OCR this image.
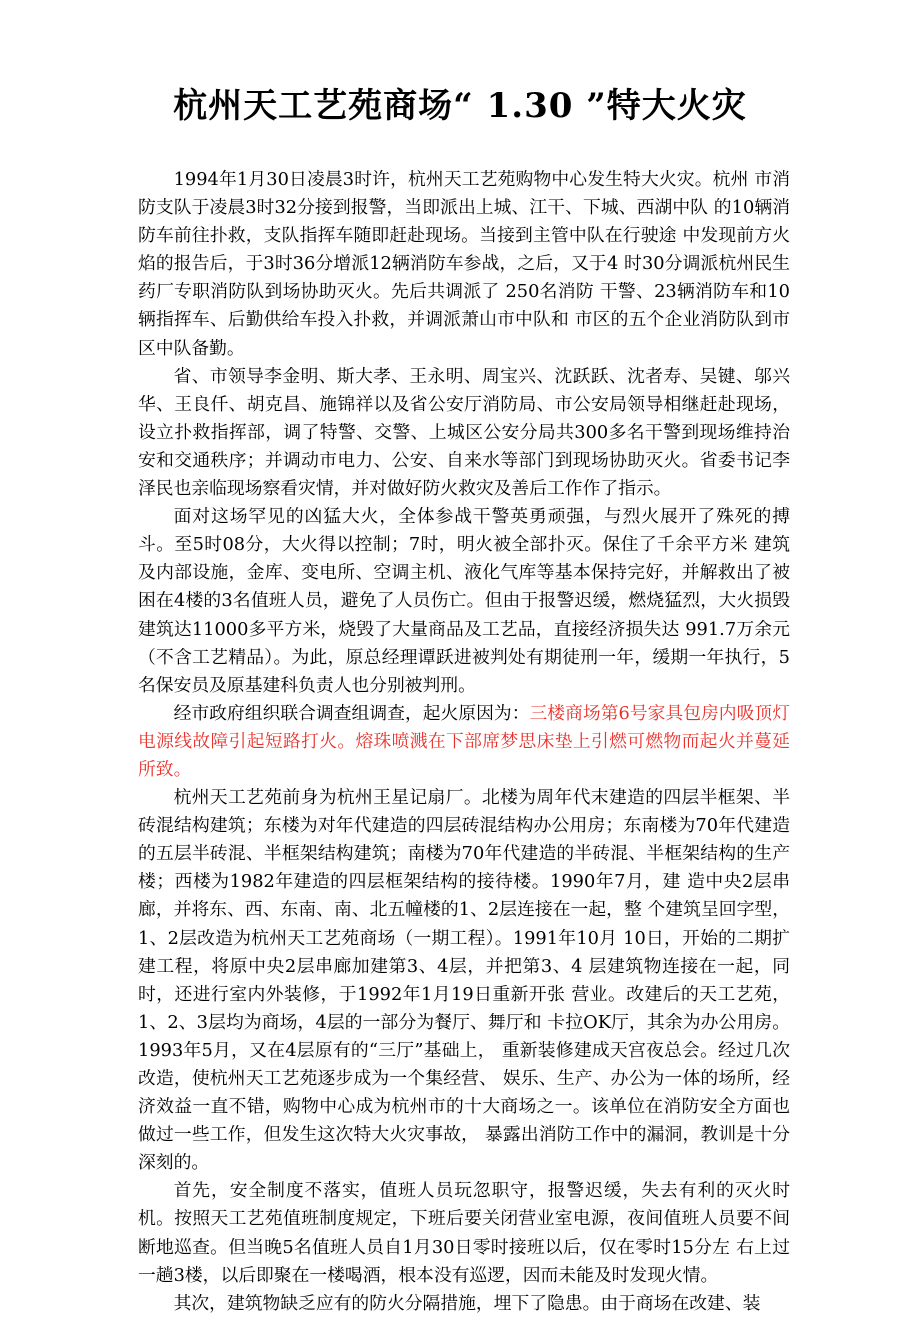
杭州天工艺苑商场“ 1.30 ”特大火灾

1994年1月30日凌晨3时许，杭州天工艺苑购物中心发生特大火灾。杭州 市消防支队于凌晨3时32分接到报警，当即派出上城、江干、下城、西湖中队 的10辆消防车前往扑救，支队指挥车随即赶赴现场。当接到主管中队在行驶途 中发现前方火焰的报告后，于3时36分增派12辆消防车参战，之后，又于4 时30分调派杭州民生药厂专职消防队到场协助灭火。先后共调派了 250名消防 干警、23辆消防车和10辆指挥车、后勤供给车投入扑救，并调派萧山市中队和 市区的五个企业消防队到市区中队备勤。

省、市领导李金明、斯大孝、王永明、周宝兴、沈跃跃、沈者寿、吴键、邬兴华、王良仟、胡克昌、施锦祥以及省公安厅消防局、市公安局领导相继赶赴现场，设立扑救指挥部，调了特警、交警、上城区公安分局共300多名干警到现场维持治安和交通秩序；并调动市电力、公安、自来水等部门到现场协助灭火。省委书记李泽民也亲临现场察看灾情，并对做好防火救灾及善后工作作了指示。

面对这场罕见的凶猛大火，全体参战干警英勇顽强，与烈火展开了殊死的搏斗。至5时08分，大火得以控制；7时，明火被全部扑灭。保住了千余平方米 建筑及内部设施，金库、变电所、空调主机、液化气库等基本保持完好，并解救出了被困在4楼的3名值班人员，避免了人员伤亡。但由于报警迟缓，燃烧猛烈，大火损毁建筑达11000多平方米，烧毁了大量商品及工艺品，直接经济损失达 991.7万余元（不含工艺精品）。为此，原总经理谭跃进被判处有期徒刑一年，缓期一年执行，5名保安员及原基建科负责人也分别被判刑。

经市政府组织联合调查组调查，起火原因为：三楼商场第6号家具包房内吸顶灯电源线故障引起短路打火。熔珠喷溅在下部席梦思床垫上引燃可燃物而起火并蔓延所致。

杭州天工艺苑前身为杭州王星记扇厂。北楼为周年代末建造的四层半框架、半砖混结构建筑；东楼为对年代建造的四层砖混结构办公用房；东南楼为70年代建造的五层半砖混、半框架结构建筑；南楼为70年代建造的半砖混、半框架结构的生产楼；西楼为1982年建造的四层框架结构的接待楼。1990年7月，建 造中央2层串廊，并将东、西、东南、南、北五幢楼的1、2层连接在一起，整 个建筑呈回字型，1、2层改造为杭州天工艺苑商场（一期工程）。1991年10月 10日，开始的二期扩建工程，将原中央2层串廊加建第3、4层，并把第3、4 层建筑物连接在一起，同时，还进行室内外装修，于1992年1月19日重新开张 营业。改建后的天工艺苑，1、2、3层均为商场，4层的一部分为餐厅、舞厅和 卡拉OK厅，其余为办公用房。1993年5月，又在4层原有的“三厅”基础上， 重新装修建成天宫夜总会。经过几次改造，使杭州天工艺苑逐步成为一个集经营、 娱乐、生产、办公为一体的场所，经济效益一直不错，购物中心成为杭州市的十大商场之一。该单位在消防安全方面也做过一些工作，但发生这次特大火灾事故， 暴露出消防工作中的漏洞，教训是十分深刻的。

首先，安全制度不落实，值班人员玩忽职守，报警迟缓，失去有利的灭火时机。按照天工艺苑值班制度规定，下班后要关闭营业室电源，夜间值班人员要不间断地巡查。但当晚5名值班人员自1月30日零时接班以后，仅在零时15分左 右上过一趟3楼，以后即聚在一楼喝酒，根本没有巡逻，因而未能及时发现火情。

其次，建筑物缺乏应有的防火分隔措施，埋下了隐患。由于商场在改建、装
